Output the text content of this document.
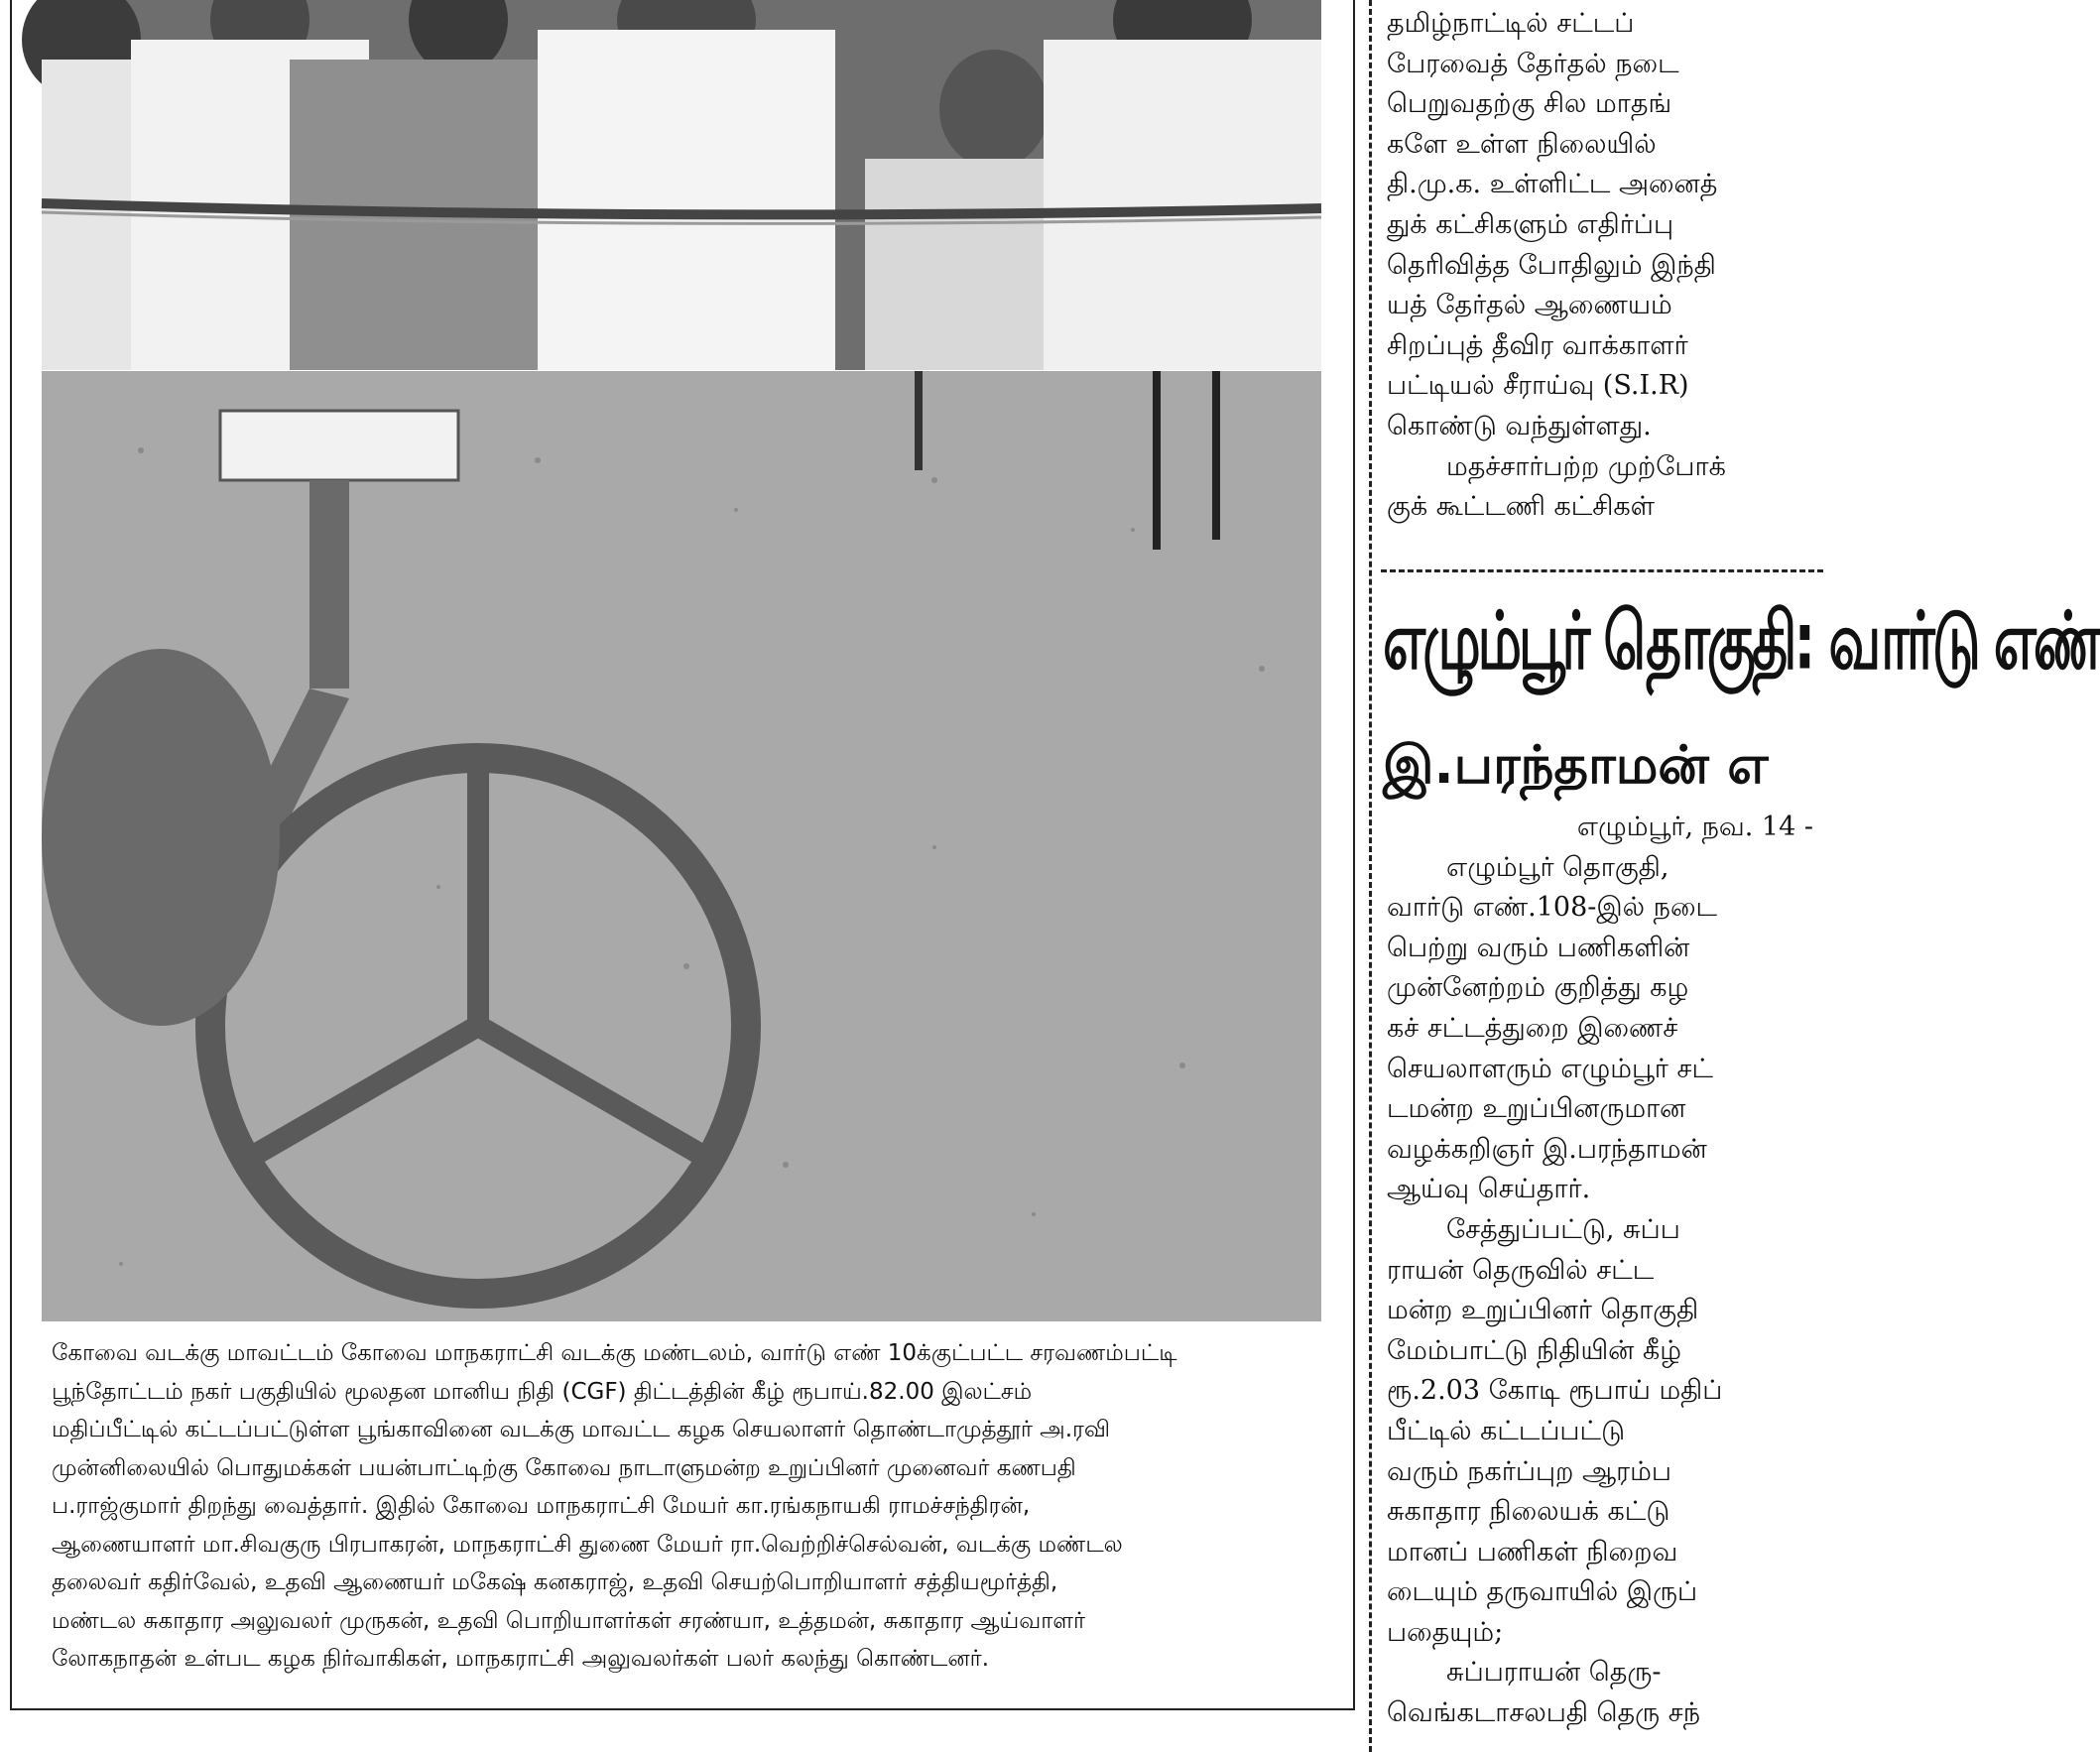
கோவை வடக்கு மாவட்டம் கோவை மாநகராட்சி வடக்கு மண்டலம், வார்டு எண் 10க்குட்பட்ட சரவணம்பட்டி
பூந்தோட்டம் நகர் பகுதியில் மூலதன மானிய நிதி (CGF) திட்டத்தின் கீழ் ரூபாய்.82.00 இலட்சம்
மதிப்பீட்டில் கட்டப்பட்டுள்ள பூங்காவினை வடக்கு மாவட்ட கழக செயலாளர் தொண்டாமுத்தூர் அ.ரவி
முன்னிலையில் பொதுமக்கள் பயன்பாட்டிற்கு கோவை நாடாளுமன்ற உறுப்பினர் முனைவர் கணபதி
ப.ராஜ்குமார் திறந்து வைத்தார். இதில் கோவை மாநகராட்சி மேயர் கா.ரங்கநாயகி ராமச்சந்திரன்,
ஆணையாளர் மா.சிவகுரு பிரபாகரன், மாநகராட்சி துணை மேயர் ரா.வெற்றிச்செல்வன், வடக்கு மண்டல
தலைவர் கதிர்வேல், உதவி ஆணையர் மகேஷ் கனகராஜ், உதவி செயற்பொறியாளர் சத்தியமூர்த்தி,
மண்டல சுகாதார அலுவலர் முருகன், உதவி பொறியாளர்கள் சரண்யா, உத்தமன், சுகாதார ஆய்வாளர்
லோகநாதன் உள்பட கழக நிர்வாகிகள், மாநகராட்சி அலுவலர்கள் பலர் கலந்து கொண்டனர்.
தமிழ்நாட்டில் சட்டப்
பேரவைத் தேர்தல் நடை
பெறுவதற்கு சில மாதங்
களே உள்ள நிலையில்
தி.மு.க. உள்ளிட்ட அனைத்
துக் கட்சிகளும் எதிர்ப்பு
தெரிவித்த போதிலும் இந்தி
யத் தேர்தல் ஆணையம்
சிறப்புத் தீவிர வாக்காளர்
பட்டியல் சீராய்வு (S.I.R)
கொண்டு வந்துள்ளது.
மதச்சார்பற்ற முற்போக்
குக் கூட்டணி கட்சிகள்
எழும்பூர் தொகுதி: வார்டு எண்
இ.பரந்தாமன் எ
எழும்பூர், நவ. 14 -
எழும்பூர் தொகுதி,
வார்டு எண்.108-இல் நடை
பெற்று வரும் பணிகளின்
முன்னேற்றம் குறித்து கழ
கச் சட்டத்துறை இணைச்
செயலாளரும் எழும்பூர் சட்
டமன்ற உறுப்பினருமான
வழக்கறிஞர் இ.பரந்தாமன்
ஆய்வு செய்தார்.
சேத்துப்பட்டு, சுப்ப
ராயன் தெருவில் சட்ட
மன்ற உறுப்பினர் தொகுதி
மேம்பாட்டு நிதியின் கீழ்
ரூ.2.03 கோடி ரூபாய் மதிப்
பீட்டில் கட்டப்பட்டு
வரும் நகர்ப்புற ஆரம்ப
சுகாதார நிலையக் கட்டு
மானப் பணிகள் நிறைவ
டையும் தருவாயில் இருப்
பதையும்;
சுப்பராயன் தெரு-
வெங்கடாசலபதி தெரு சந்
